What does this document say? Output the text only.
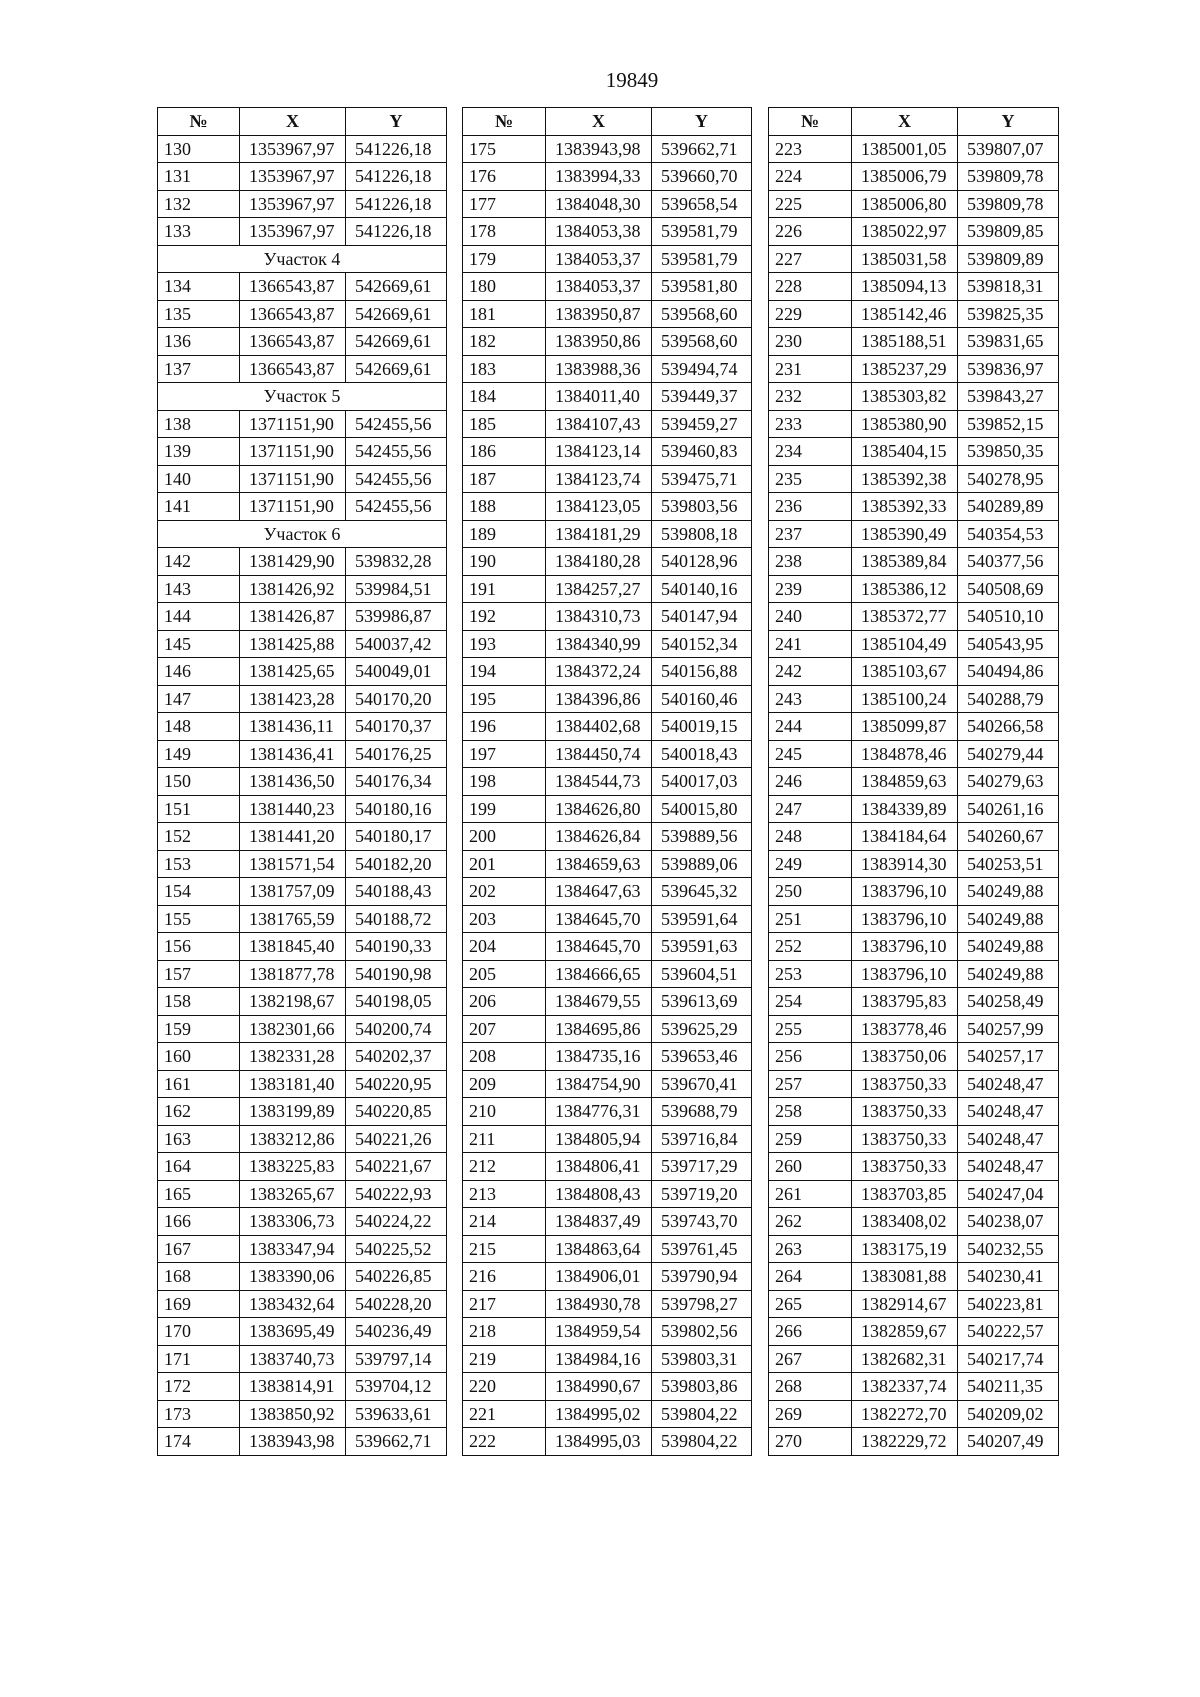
19849
№	X	Y
130	1353967,97	541226,18
131	1353967,97	541226,18
132	1353967,97	541226,18
133	1353967,97	541226,18
Участок 4		
134	1366543,87	542669,61
135	1366543,87	542669,61
136	1366543,87	542669,61
137	1366543,87	542669,61
Участок 5		
138	1371151,90	542455,56
139	1371151,90	542455,56
140	1371151,90	542455,56
141	1371151,90	542455,56
Участок 6		
142	1381429,90	539832,28
143	1381426,92	539984,51
144	1381426,87	539986,87
145	1381425,88	540037,42
146	1381425,65	540049,01
147	1381423,28	540170,20
148	1381436,11	540170,37
149	1381436,41	540176,25
150	1381436,50	540176,34
151	1381440,23	540180,16
152	1381441,20	540180,17
153	1381571,54	540182,20
154	1381757,09	540188,43
155	1381765,59	540188,72
156	1381845,40	540190,33
157	1381877,78	540190,98
158	1382198,67	540198,05
159	1382301,66	540200,74
160	1382331,28	540202,37
161	1383181,40	540220,95
162	1383199,89	540220,85
163	1383212,86	540221,26
164	1383225,83	540221,67
165	1383265,67	540222,93
166	1383306,73	540224,22
167	1383347,94	540225,52
168	1383390,06	540226,85
169	1383432,64	540228,20
170	1383695,49	540236,49
171	1383740,73	539797,14
172	1383814,91	539704,12
173	1383850,92	539633,61
174	1383943,98	539662,71
№	X	Y
175	1383943,98	539662,71
176	1383994,33	539660,70
177	1384048,30	539658,54
178	1384053,38	539581,79
179	1384053,37	539581,79
180	1384053,37	539581,80
181	1383950,87	539568,60
182	1383950,86	539568,60
183	1383988,36	539494,74
184	1384011,40	539449,37
185	1384107,43	539459,27
186	1384123,14	539460,83
187	1384123,74	539475,71
188	1384123,05	539803,56
189	1384181,29	539808,18
190	1384180,28	540128,96
191	1384257,27	540140,16
192	1384310,73	540147,94
193	1384340,99	540152,34
194	1384372,24	540156,88
195	1384396,86	540160,46
196	1384402,68	540019,15
197	1384450,74	540018,43
198	1384544,73	540017,03
199	1384626,80	540015,80
200	1384626,84	539889,56
201	1384659,63	539889,06
202	1384647,63	539645,32
203	1384645,70	539591,64
204	1384645,70	539591,63
205	1384666,65	539604,51
206	1384679,55	539613,69
207	1384695,86	539625,29
208	1384735,16	539653,46
209	1384754,90	539670,41
210	1384776,31	539688,79
211	1384805,94	539716,84
212	1384806,41	539717,29
213	1384808,43	539719,20
214	1384837,49	539743,70
215	1384863,64	539761,45
216	1384906,01	539790,94
217	1384930,78	539798,27
218	1384959,54	539802,56
219	1384984,16	539803,31
220	1384990,67	539803,86
221	1384995,02	539804,22
222	1384995,03	539804,22
№	X	Y
223	1385001,05	539807,07
224	1385006,79	539809,78
225	1385006,80	539809,78
226	1385022,97	539809,85
227	1385031,58	539809,89
228	1385094,13	539818,31
229	1385142,46	539825,35
230	1385188,51	539831,65
231	1385237,29	539836,97
232	1385303,82	539843,27
233	1385380,90	539852,15
234	1385404,15	539850,35
235	1385392,38	540278,95
236	1385392,33	540289,89
237	1385390,49	540354,53
238	1385389,84	540377,56
239	1385386,12	540508,69
240	1385372,77	540510,10
241	1385104,49	540543,95
242	1385103,67	540494,86
243	1385100,24	540288,79
244	1385099,87	540266,58
245	1384878,46	540279,44
246	1384859,63	540279,63
247	1384339,89	540261,16
248	1384184,64	540260,67
249	1383914,30	540253,51
250	1383796,10	540249,88
251	1383796,10	540249,88
252	1383796,10	540249,88
253	1383796,10	540249,88
254	1383795,83	540258,49
255	1383778,46	540257,99
256	1383750,06	540257,17
257	1383750,33	540248,47
258	1383750,33	540248,47
259	1383750,33	540248,47
260	1383750,33	540248,47
261	1383703,85	540247,04
262	1383408,02	540238,07
263	1383175,19	540232,55
264	1383081,88	540230,41
265	1382914,67	540223,81
266	1382859,67	540222,57
267	1382682,31	540217,74
268	1382337,74	540211,35
269	1382272,70	540209,02
270	1382229,72	540207,49
